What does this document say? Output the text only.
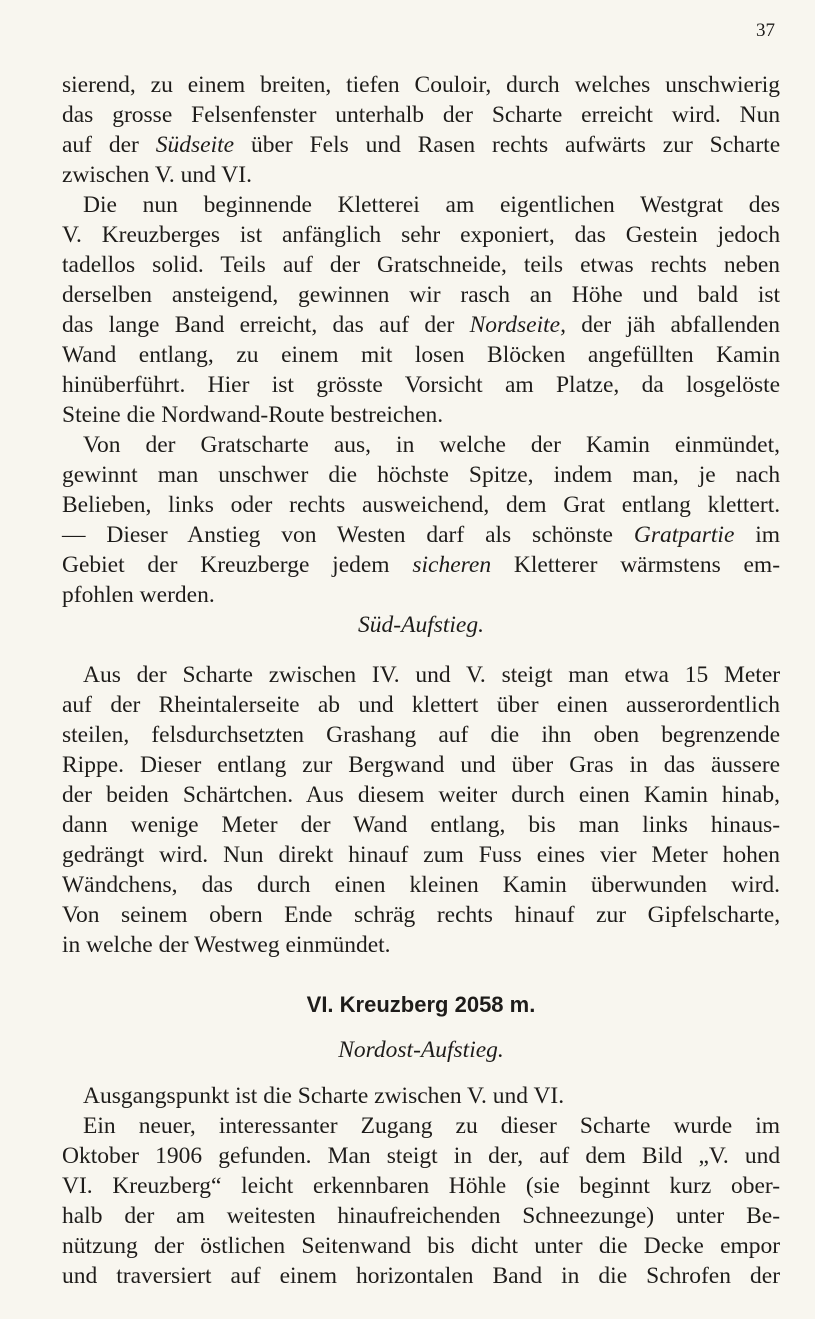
37
sierend, zu einem breiten, tiefen Couloir, durch welches unschwierig
das grosse Felsenfenster unterhalb der Scharte erreicht wird. Nun
auf der Südseite über Fels und Rasen rechts aufwärts zur Scharte
zwischen V. und VI.
Die nun beginnende Kletterei am eigentlichen Westgrat des
V. Kreuzberges ist anfänglich sehr exponiert, das Gestein jedoch
tadellos solid. Teils auf der Gratschneide, teils etwas rechts neben
derselben ansteigend, gewinnen wir rasch an Höhe und bald ist
das lange Band erreicht, das auf der Nordseite, der jäh abfallenden
Wand entlang, zu einem mit losen Blöcken angefüllten Kamin
hinüberführt. Hier ist grösste Vorsicht am Platze, da losgelöste
Steine die Nordwand-Route bestreichen.
Von der Gratscharte aus, in welche der Kamin einmündet,
gewinnt man unschwer die höchste Spitze, indem man, je nach
Belieben, links oder rechts ausweichend, dem Grat entlang klettert.
— Dieser Anstieg von Westen darf als schönste Gratpartie im
Gebiet der Kreuzberge jedem sicheren Kletterer wärmstens em-
pfohlen werden.
Süd-Aufstieg.
Aus der Scharte zwischen IV. und V. steigt man etwa 15 Meter
auf der Rheintalerseite ab und klettert über einen ausserordentlich
steilen, felsdurchsetzten Grashang auf die ihn oben begrenzende
Rippe. Dieser entlang zur Bergwand und über Gras in das äussere
der beiden Schärtchen. Aus diesem weiter durch einen Kamin hinab,
dann wenige Meter der Wand entlang, bis man links hinaus-
gedrängt wird. Nun direkt hinauf zum Fuss eines vier Meter hohen
Wändchens, das durch einen kleinen Kamin überwunden wird.
Von seinem obern Ende schräg rechts hinauf zur Gipfelscharte,
in welche der Westweg einmündet.
VI. Kreuzberg 2058 m.
Nordost-Aufstieg.
Ausgangspunkt ist die Scharte zwischen V. und VI.
Ein neuer, interessanter Zugang zu dieser Scharte wurde im
Oktober 1906 gefunden. Man steigt in der, auf dem Bild „V. und
VI. Kreuzberg“ leicht erkennbaren Höhle (sie beginnt kurz ober-
halb der am weitesten hinaufreichenden Schneezunge) unter Be-
nützung der östlichen Seitenwand bis dicht unter die Decke empor
und traversiert auf einem horizontalen Band in die Schrofen der
